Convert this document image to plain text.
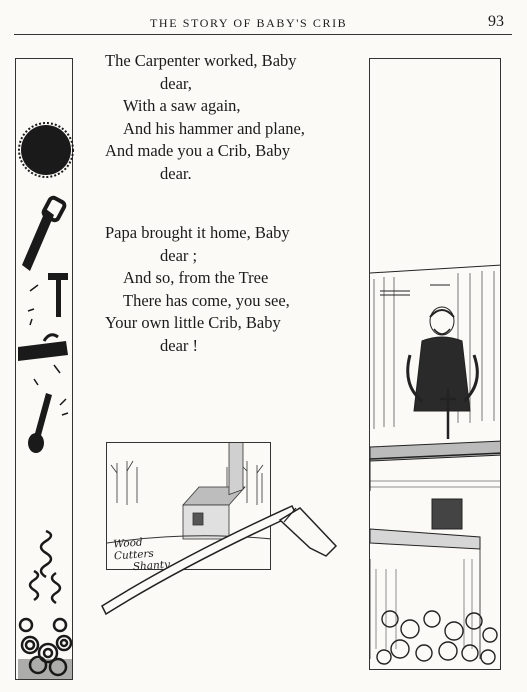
THE STORY OF BABY'S CRIB	93
The Carpenter worked, Baby
dear,
With a saw again,
And his hammer and plane,
And made you a Crib, Baby
dear.
Papa brought it home, Baby
dear ;
And so, from the Tree
There has come, you see,
Your own little Crib, Baby
dear !
Wood Cutters
Shanty
